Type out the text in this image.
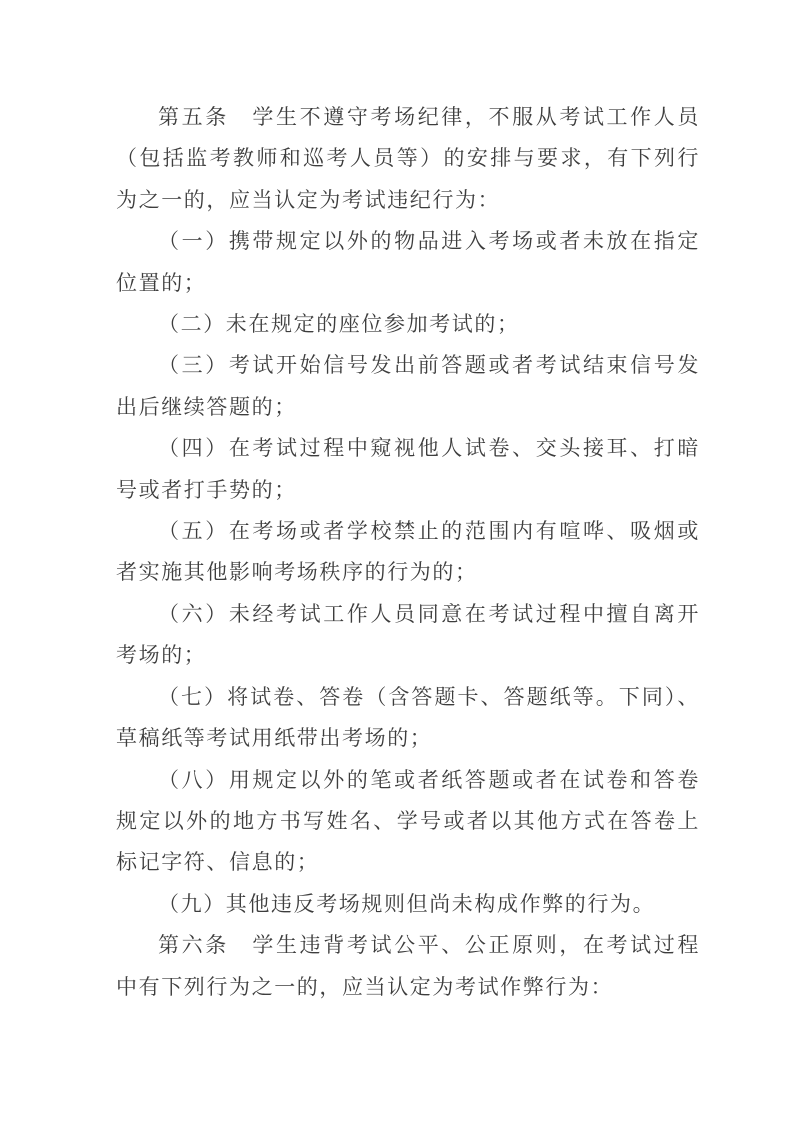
第五条　学生不遵守考场纪律，不服从考试工作人员（包括监考教师和巡考人员等）的安排与要求，有下列行为之一的，应当认定为考试违纪行为：

（一）携带规定以外的物品进入考场或者未放在指定位置的；

（二）未在规定的座位参加考试的；

（三）考试开始信号发出前答题或者考试结束信号发出后继续答题的；

（四）在考试过程中窥视他人试卷、交头接耳、打暗号或者打手势的；

（五）在考场或者学校禁止的范围内有喧哗、吸烟或者实施其他影响考场秩序的行为的；

（六）未经考试工作人员同意在考试过程中擅自离开考场的；

（七）将试卷、答卷（含答题卡、答题纸等。下同）、草稿纸等考试用纸带出考场的；

（八）用规定以外的笔或者纸答题或者在试卷和答卷规定以外的地方书写姓名、学号或者以其他方式在答卷上标记字符、信息的；

（九）其他违反考场规则但尚未构成作弊的行为。

第六条　学生违背考试公平、公正原则，在考试过程中有下列行为之一的，应当认定为考试作弊行为：
